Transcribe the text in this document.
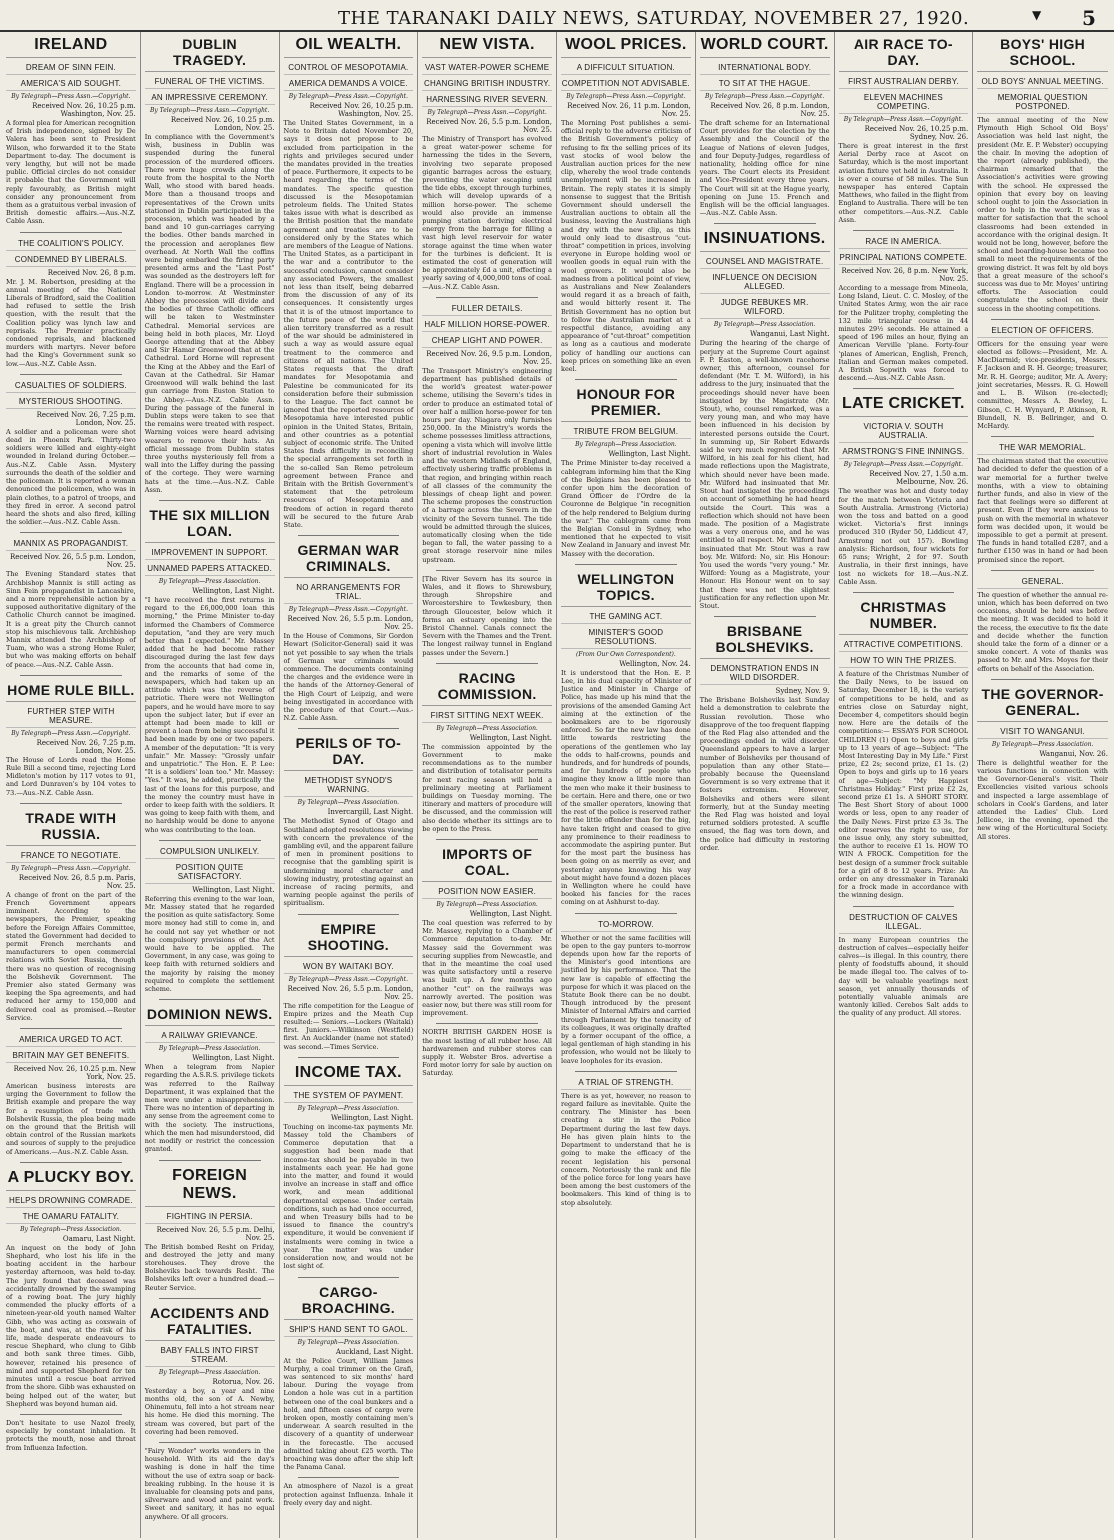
THE TARANAKI DAILY NEWS, SATURDAY, NOVEMBER 27, 1920.	▼ 5
IRELAND
DREAM OF SINN FEIN.
AMERICA'S AID SOUGHT.
By Telegraph—Press Assn.—Copyright.
Received Nov. 26, 10.25 p.m. Washington, Nov. 25.

A formal plea for American recognition of Irish independence, signed by De Valera has been sent to President Wilson, who forwarded it to the State Department to-day. The document is very lengthy, but will not be made public. Official circles do not consider it probable that the Government will reply favourably, as British might consider any pronouncement from them as a gratuitous verbal invasion of British domestic affairs.—Aus.-N.Z. Cable Assn.

THE COALITION'S POLICY.
CONDEMNED BY LIBERALS.
Received Nov. 26, 8 p.m.

Mr. J. M. Robertson, presiding at the annual meeting of the National Liberals of Bradford, said the Coalition had refused to settle the Irish question, with the result that the Coalition policy was lynch law and reprisals. The Premier practically condoned reprisals, and blackened murders with martyrs. Never before had the King's Government sunk so low.—Aus.-N.Z. Cable Assn.

CASUALTIES OF SOLDIERS.
MYSTERIOUS SHOOTING.
Received Nov. 26, 7.25 p.m. London, Nov. 25.

A soldier and a policeman were shot dead in Phoenix Park. Thirty-two soldiers were killed and eighty-eight wounded in Ireland during October.—Aus.-N.Z. Cable Assn. Mystery surrounds the death of the soldier and the policeman. It is reported a woman denounced the policemen, who was in plain clothes, to a patrol of troops, and they fired in error. A second patrol heard the shots and also fired, killing the soldier.—Aus.-N.Z. Cable Assn.

MANNIX AS PROPAGANDIST.
Received Nov. 26, 5.5 p.m. London, Nov. 25.

The Evening Standard states that Archbishop Mannix is still acting as Sinn Fein propagandist in Lancashire, and a more reprehensible action by a supposed authoritative dignitary of the Catholic Church cannot be imagined. It is a great pity the Church cannot stop his mischievous talk. Archbishop Mannix attended the Archbishop of Tuam, who was a strong Home Ruler, but who was making efforts on behalf of peace.—Aus.-N.Z. Cable Assn.

HOME RULE BILL.
FURTHER STEP WITH MEASURE.
By Telegraph—Press Assn.—Copyright.
Received Nov. 26, 7.25 p.m. London, Nov. 25.

The House of Lords read the Home Rule Bill a second time, rejecting Lord Midleton's motion by 117 votes to 91, and Lord Dunraven's by 104 votes to 73.—Aus.-N.Z. Cable Assn.

TRADE WITH RUSSIA.
FRANCE TO NEGOTIATE.
By Telegraph—Press Assn.—Copyright.
Received Nov. 26, 8.5 p.m. Paris, Nov. 25.

A change of front on the part of the French Government appears imminent. According to the newspapers, the Premier, speaking before the Foreign Affairs Committee, stated the Government had decided to permit French merchants and manufacturers to open commercial relations with Soviet Russia, though there was no question of recognising the Bolshevik Government. The Premier also stated Germany was keeping the Spa agreements, and had reduced her army to 150,000 and delivered coal as promised.—Reuter Service.

AMERICA URGED TO ACT.
BRITAIN MAY GET BENEFITS.
Received Nov. 26, 10.25 p.m. New York, Nov. 25.

American business interests are urging the Government to follow the British example and prepare the way for a resumption of trade with Bolshevik Russia, the plea being made on the ground that the British will obtain control of the Russian markets and sources of supply to the prejudice of Americans.—Aus.-N.Z. Cable Assn.

A PLUCKY BOY.
HELPS DROWNING COMRADE.
THE OAMARU FATALITY.
By Telegraph—Press Association.
Oamaru, Last Night.

An inquest on the body of John Shephard, who lost his life in the boating accident in the harbour yesterday afternoon, was held to-day. The jury found that deceased was accidentally drowned by the swamping of a rowing boat. The jury highly commended the plucky efforts of a nineteen-year-old youth named Walter Gibb, who was acting as coxswain of the boat, and was, at the risk of his life, made desperate endeavours to rescue Shephard, who clung to Gibb and both sank three times. Gibb, however, retained his presence of mind and supported Shepherd for ten minutes until a rescue boat arrived from the shore. Gibb was exhausted on being helped out of the water, but Shepherd was beyond human aid.

Don't hesitate to use Nazol freely, especially by constant inhalation. It protects the mouth, nose and throat from Influenza Infection.

DUBLIN TRAGEDY.
FUNERAL OF THE VICTIMS.
AN IMPRESSIVE CEREMONY.
By Telegraph—Press Assn.—Copyright.
Received Nov. 26, 10.25 p.m. London, Nov. 25.

In compliance with the Government's wish, business in Dublin was suspended during the funeral procession of the murdered officers. There were huge crowds along the route from the hospital to the North Wall, who stood with bared heads. More than a thousand troops and representatives of the Crown units stationed in Dublin participated in the procession, which was headed by a band and 10 gun-carriages carrying the bodies. Other bands marched in the procession and aeroplanes flew overhead. At North Wall the coffins were being embarked the firing party presented arms and the "Last Post" was sounded as the destroyers left for England. There will be a procession in London to-morrow. At Westminster Abbey the procession will divide and the bodies of three Catholic officers will be taken to Westminster Cathedral. Memorial services are being held in both places, Mr. Lloyd George attending that at the Abbey and Sir Hamar Greenwood that at the Cathedral. Lord Horne will represent the King at the Abbey and the Earl of Cavan at the Cathedral. Sir Hamar Greenwood will walk behind the last gun carriage from Euston Station to the Abbey.—Aus.-N.Z. Cable Assn. During the passage of the funeral in Dublin steps were taken to see that the remains were treated with respect. Warning voices were heard advising wearers to remove their hats. An official message from Dublin states three youths mysteriously fell from a wall into the Liffey during the passing of the cortege. They were warning hats at the time.—Aus.-N.Z. Cable Assn.

THE SIX MILLION LOAN.
IMPROVEMENT IN SUPPORT.
UNNAMED PAPERS ATTACKED.
By Telegraph—Press Association.
Wellington, Last Night.

"I have received the first returns in regard to the £6,000,000 loan this morning," the Prime Minister to-day informed the Chambers of Commerce deputation, "and they are very much better than I expected." Mr. Massey added that he had become rather discouraged during the last few days from the accounts that had come in, and the remarks of some of the newspapers, which had taken up an attitude which was the reverse of patriotic. There were not Wellington papers, and he would have more to say upon the subject later, but if ever an attempt had been made to kill or prevent a loan from being successful it had been made by one or two papers. A member of the deputation: "It is very unfair." Mr. Massey: "Grossly unfair and unpatriotic." The Hon. E. P. Lee: "It is a soldiers' loan too." Mr. Massey: "Yes." It was, he added, practically the last of the loans for this purpose, and the money the country must have in order to keep faith with the soldiers. It was going to keep faith with them, and no hardship would be done to anyone who was contributing to the loan.

COMPULSION UNLIKELY.
POSITION QUITE SATISFACTORY.
Wellington, Last Night.

Referring this evening to the war loan, Mr. Massey stated that he regarded the position as quite satisfactory. Some more money had still to come in, and he could not say yet whether or not the compulsory provisions of the Act would have to be applied. The Government, in any case, was going to keep faith with returned soldiers and the majority by raising the money required to complete the settlement scheme.

DOMINION NEWS.
A RAILWAY GRIEVANCE.
By Telegraph—Press Association.
Wellington, Last Night.

When a telegram from Napier regarding the A.S.R.S. privilege tickets was referred to the Railway Department, it was explained that the men were under a misapprehension. There was no intention of departing in any sense from the agreement come to with the society. The instructions, which the men had misunderstood, did not modify or restrict the concession granted.

FOREIGN NEWS.
FIGHTING IN PERSIA.
Received Nov. 26, 5.5 p.m. Delhi, Nov. 25.

The British bombed Resht on Friday, and destroyed the jetty and many storehouses. They drove the Bolsheviks back towards Resht. The Bolsheviks left over a hundred dead.—Reuter Service.

ACCIDENTS AND FATALITIES.
BABY FALLS INTO FIRST STREAM.
By Telegraph—Press Association.
Rotorua, Nov. 26.

Yesterday a boy, a year and nine months old, the son of A. Newby, Ohinemutu, fell into a hot stream near his home. He died this morning. The stream was covered, but part of the covering had been removed.

"Fairy Wonder" works wonders in the household. With its aid the day's washing is done in half the time without the use of extra soap or back-breaking rubbing. In the house it is invaluable for cleansing pots and pans, silverware and wood and paint work. Sweet and sanitary, it has no equal anywhere. Of all grocers.

OIL WEALTH.
CONTROL OF MESOPOTAMIA.
AMERICA DEMANDS A VOICE.
By Telegraph—Press Assn.—Copyright.
Received Nov. 26, 10.25 p.m. Washington, Nov. 25.

The United States Government, in a Note to Britain dated November 20, says it does not propose to be excluded from participation in the rights and privileges secured under the mandates provided in the treaties of peace. Furthermore, it expects to be heard regarding the terms of the mandates. The specific question discussed is the Mesopotamian petroleum fields. The United States takes issue with what is described as the British position that the mandate agreement and treaties are to be considered only by the States which are members of the League of Nations. The United States, as a participant in the war and a contributor to the successful conclusion, cannot consider any associated Powers, the smallest not less than itself, being debarred from the discussion of any of its consequences. It consistently urges that it is of the utmost importance to the future peace of the world that alien territory transferred as a result of the war should be administered in such a way as would assure equal treatment to the commerce and citizens of all nations. The United States requests that the draft mandates for Mesopotamia and Palestine be communicated for its consideration before their submission to the League. The fact cannot be ignored that the reported resources of Mesopotamia have interested public opinion in the United States, Britain, and other countries as a potential subject of economic strife. The United States finds difficulty in reconciling the special arrangements set forth in the so-called San Remo petroleum agreement between France and Britain with the British Government's statement that the petroleum resources of Mesopotamia and freedom of action in regard thereto will be secured to the future Arab State.

GERMAN WAR CRIMINALS.
NO ARRANGEMENTS FOR TRIAL.
By Telegraph—Press Assn.—Copyright.
Received Nov. 26, 5.5 p.m. London, Nov. 25.

In the House of Commons, Sir Gordon Hewart (Solicitor-General) said it was not yet possible to say when the trials of German war criminals would commence. The documents containing the charges and the evidence were in the hands of the Attorney-General of the High Court of Leipzig, and were being investigated in accordance with the procedure of that Court.—Aus.-N.Z. Cable Assn.

PERILS OF TO-DAY.
METHODIST SYNOD'S WARNING.
By Telegraph—Press Association.
Invercargill, Last Night.

The Methodist Synod of Otago and Southland adopted resolutions viewing with concern the prevalence of the gambling evil, and the apparent failure of men in prominent positions to recognise that the gambling spirit is undermining moral character and slowing industry, protesting against an increase of racing permits, and warning people against the perils of spiritualism.

EMPIRE SHOOTING.
WON BY WAITAKI BOY.
By Telegraph—Press Assn.—Copyright.
Received Nov. 26, 5.5 p.m. London, Nov. 25.

The rifle competition for the League of Empire prizes and the Meath Cup resulted:— Seniors.—Lockers (Waitaki) first. Juniors.—Wilkinson (Westfield) first. An Aucklander (name not stated) was second.—Times Service.

INCOME TAX.
THE SYSTEM OF PAYMENT.
By Telegraph—Press Association.
Wellington, Last Night.

Touching on income-tax payments Mr. Massey told the Chambers of Commerce deputation that a suggestion had been made that income-tax should be payable in two instalments each year. He had gone into the matter, and found it would involve an increase in staff and office work, and mean additional departmental expense. Under certain conditions, such as had once occurred, and when Treasury bills had to be issued to finance the country's expenditure, it would be convenient if instalments were coming in twice a year. The matter was under consideration now, and would not be lost sight of.

CARGO-BROACHING.
SHIP'S HAND SENT TO GAOL.
By Telegraph—Press Association.
Auckland, Last Night.

At the Police Court, William James Murphy, a coal trimmer on the Grafi, was sentenced to six months' hard labour. During the voyage from London a hole was cut in a partition between one of the coal bunkers and a hold, and fifteen cases of cargo were broken open, mostly containing men's underwear. A search resulted in the discovery of a quantity of underwear in the forecastle. The accused admitted taking about £25 worth. The broaching was done after the ship left the Panama Canal.

An atmosphere of Nazol is a great protection against Influenza. Inhale it freely every day and night.

NEW VISTA.
VAST WATER-POWER SCHEME
CHANGING BRITISH INDUSTRY.
HARNESSING RIVER SEVERN.
By Telegraph—Press Assn.—Copyright.
Received Nov. 26, 5.5 p.m. London, Nov. 25.

The Ministry of Transport has evolved a great water-power scheme for harnessing the tides in the Severn, involving two separate proposed gigantic barrages across the estuary, preventing the water escaping until the tide ebbs, except through turbines, which will develop upwards of a million horse-power. The scheme would also provide an immense pumping station deriving electrical energy from the barrage for filling a vast high level reservoir for water storage against the time when water for the turbines is deficient. It is estimated the cost of generation will be approximately £d a unit, effecting a yearly saving of 4,000,000 tons of coal.—Aus.-N.Z. Cable Assn.

FULLER DETAILS.
HALF MILLION HORSE-POWER.
CHEAP LIGHT AND POWER.
Received Nov. 26, 9.5 p.m. London, Nov. 25.

The Transport Ministry's engineering department has published details of the world's greatest water-power scheme, utilising the Severn's tides in order to produce an estimated total of over half a million horse-power for ten hours per day. Niagara only furnishes 250,000. In the Ministry's words the scheme possesses limitless attractions, opening a vista which will involve little short of industrial revolution in Wales and the western Midlands of England, effectively ushering traffic problems in that region, and bringing within reach of all classes of the community the blessings of cheap light and power. The scheme proposes the construction of a barrage across the Severn in the vicinity of the Severn tunnel. The tide would be admitted through the sluices, automatically closing when the tide began to fall, the water passing to a great storage reservoir nine miles upstream.

[The River Severn has its source in Wales, and it flows to Shrewsbury, through Shropshire and Worcestershire to Tewkesbury, then through Gloucester, below which it forms an estuary opening into the Bristol Channel. Canals connect the Severn with the Thames and the Trent. The longest railway tunnel in England passes under the Severn.]

RACING COMMISSION.
FIRST SITTING NEXT WEEK.
By Telegraph—Press Association.
Wellington, Last Night.

The commission appointed by the Government to make recommendations as to the number and distribution of totalisator permits for next racing season will hold a preliminary meeting at Parliament buildings on Tuesday morning. The itinerary and matters of procedure will be discussed, and the commission will also decide whether its sittings are to be open to the Press.

IMPORTS OF COAL.
POSITION NOW EASIER.
By Telegraph—Press Association.
Wellington, Last Night.

The coal question was referred to by Mr. Massey, replying to a Chamber of Commerce deputation to-day. Mr. Massey said the Government was securing supplies from Newcastle, and that in the meantime the coal used was quite satisfactory until a reserve was built up. A few months ago another "cut" on the railways was narrowly averted. The position was easier now, but there was still room for improvement.

NORTH BRITISH GARDEN HOSE is the most lasting of all rubber hose. All hardwaremen and rubber stores can supply it. Webster Bros. advertise a Ford motor lorry for sale by auction on Saturday.

WOOL PRICES.
A DIFFICULT SITUATION.
COMPETITION NOT ADVISABLE.
By Telegraph—Press Assn.—Copyright.
Received Nov. 26, 11 p.m. London, Nov. 25.

The Morning Post publishes a semi-official reply to the adverse criticism of the British Government's policy of refusing to fix the selling prices of its vast stocks of wool below the Australian auction prices for the new clip, whereby the wool trade contends unemployment will be increased in Britain. The reply states it is simply nonsense to suggest that the British Government should undersell the Australian auctions to obtain all the business, leaving the Australians high and dry with the new clip, as this would only lead to disastrous "cut-throat" competition in prices, involving everyone in Europe holding wool or woollen goods in equal ruin with the wool growers. It would also be madness from a political point of view, as Australians and New Zealanders would regard it as a breach of faith, and would bitterly resent it. The British Government has no option but to follow the Australian market at a respectful distance, avoiding any appearance of "cut-throat" competition as long as a cautious and moderate policy of handling our auctions can keep prices on something like an even keel.

HONOUR FOR PREMIER.
TRIBUTE FROM BELGIUM.
By Telegraph—Press Association.
Wellington, Last Night.

The Prime Minister to-day received a cablegram informing him that the King of the Belgians has been pleased to confer upon him the decoration of Grand Officer de l'Ordre de la Couronne de Belgique "in recognition of the help rendered to Belgium during the war." The cablegram came from the Belgian Consul in Sydney, who mentioned that he expected to visit New Zealand in January and invest Mr. Massey with the decoration.

WELLINGTON TOPICS.
THE GAMING ACT.
MINISTER'S GOOD RESOLUTIONS.
(From Our Own Correspondent).
Wellington, Nov. 24.

It is understood that the Hon. E. P. Lee, in his dual capacity of Minister of Justice and Minister in Charge of Police, has made up his mind that the provisions of the amended Gaming Act aiming at the extinction of the bookmakers are to be rigorously enforced. So far the new law has done little towards restricting the operations of the gentlemen who lay the odds to half-crowns, pounds and hundreds, and for hundreds of pounds, and for hundreds of people who imagine they know a little more than the men who make it their business to be certain. Here and there, one or two of the smaller operators, knowing that the rest of the police is reserved rather for the little offender than for the big, have taken fright and ceased to give any prominence to their readiness to accommodate the aspiring punter. But for the most part the business has been going on as merrily as ever, and yesterday anyone knowing his way about might have found a dozen places in Wellington where he could have booked his fancies for the races coming on at Ashhurst to-day.

TO-MORROW.

Whether or not the same facilities will be open to the gay punters to-morrow depends upon how far the reports of the Minister's good intentions are justified by his performance. That the new law is capable of effecting the purpose for which it was placed on the Statute Book there can be no doubt. Though introduced by the present Minister of Internal Affairs and carried through Parliament by the tenacity of its colleagues, it was originally drafted by a former occupant of the office, a legal gentleman of high standing in his profession, who would not be likely to leave loopholes for its evasion.

A TRIAL OF STRENGTH.

There is as yet, however, no reason to regard failure as inevitable. Quite the contrary. The Minister has been creating a stir in the Police Department during the last few days. He has given plain hints to the Department to understand that he is going to make the efficacy of the recent legislation his personal concern. Notoriously the rank and file of the police force for long years have been among the best customers of the bookmakers. This kind of thing is to stop absolutely.

WORLD COURT.
INTERNATIONAL BODY.
TO SIT AT THE HAGUE.
By Telegraph—Press Assn.—Copyright.
Received Nov. 26, 8 p.m. London, Nov. 25.

The draft scheme for an International Court provides for the election by the Assembly and the Council of the League of Nations of eleven Judges, and four Deputy-Judges, regardless of nationality, holding office for nine years. The Court elects its President and Vice-President every three years. The Court will sit at the Hague yearly, opening on June 15. French and English will be the official languages.—Aus.-N.Z. Cable Assn.

INSINUATIONS.
COUNSEL AND MAGISTRATE.
INFLUENCE ON DECISION ALLEGED.
JUDGE REBUKES MR. WILFORD.
By Telegraph—Press Association.
Wanganui, Last Night.

During the hearing of the charge of perjury at the Supreme Court against F. P. Easton, a well-known racehorse owner, this afternoon, counsel for defendant (Mr. T. M. Wilford), in his address to the jury, insinuated that the proceedings should never have been instigated by the Magistrate (Mr. Stout), who, counsel remarked, was a very young man, and who may have been influenced in his decision by interested persons outside the Court. In summing up, Sir Robert Edwards said he very much regretted that Mr. Wilford, in his zeal for his client, had made reflections upon the Magistrate, which should never have been made. Mr. Wilford had insinuated that Mr. Stout had instigated the proceedings on account of something he had heard outside the Court. This was a reflection which should not have been made. The position of a Magistrate was a very onerous one, and he was entitled to all respect. Mr. Wilford had insinuated that Mr. Stout was a raw boy. Mr. Wilford: No, sir. His Honour: You used the words "very young." Mr. Wilford: Young as a Magistrate, your Honour. His Honour went on to say that there was not the slightest justification for any reflection upon Mr. Stout.

BRISBANE BOLSHEVIKS.
DEMONSTRATION ENDS IN WILD DISORDER.
Sydney, Nov. 9.

The Brisbane Bolsheviks last Sunday held a demonstration to celebrate the Russian revolution. Those who disapprove of the too frequent flapping of the Red Flag also attended and the proceedings ended in wild disorder. Queensland appears to have a larger number of Bolsheviks per thousand of population than any other State—probably because the Queensland Government is so very extreme that it fosters extremism. However, Bolsheviks and others were silent formerly, but at the Sunday meeting the Red Flag was hoisted and loyal returned soldiers protested. A scuffle ensued, the flag was torn down, and the police had difficulty in restoring order.

AIR RACE TO-DAY.
FIRST AUSTRALIAN DERBY.
ELEVEN MACHINES COMPETING.
By Telegraph—Press Assn.—Copyright.
Received Nov. 26, 10.25 p.m. Sydney, Nov. 26.

There is great interest in the first Aerial Derby race at Ascot on Saturday, which is the most important aviation fixture yet held in Australia. It is over a course of 58 miles. The Sun newspaper has entered Captain Matthews, who failed in the flight from England to Australia. There will be ten other competitors.—Aus.-N.Z. Cable Assn.

RACE IN AMERICA.
PRINCIPAL NATIONS COMPETE.
Received Nov. 26, 8 p.m. New York, Nov. 25.

According to a message from Mineola, Long Island, Lieut. C. C. Mosley, of the United States Army, won the air race for the Pulitzer trophy, completing the 132 mile triangular course in 44 minutes 29½ seconds. He attained a speed of 196 miles an hour, flying an American Verville 'plane. Forty-four 'planes of American, English, French, Italian and German makes competed. A British Sopwith was forced to descend.—Aus.-N.Z. Cable Assn.

LATE CRICKET.
VICTORIA V. SOUTH AUSTRALIA.
ARMSTRONG'S FINE INNINGS.
By Telegraph—Press Assn.—Copyright.
Received Nov. 27, 1.50 a.m. Melbourne, Nov. 26.

The weather was hot and dusty today for the match between Victoria and South Australia. Armstrong (Victoria) won the toss and batted on a good wicket. Victoria's first innings produced 310 (Ryder 50, Liddicut 47, Armstrong not out 157). Bowling analysis: Richardson, four wickets for 65 runs; Wright, 2 for 97. South Australia, in their first innings, have lost no wickets for 18.—Aus.-N.Z. Cable Assn.

CHRISTMAS NUMBER.
ATTRACTIVE COMPETITIONS.
HOW TO WIN THE PRIZES.

A feature of the Christmas Number of the Daily News, to be issued on Saturday, December 18, is the variety of competitions to be held, and as entries close on Saturday night, December 4, competitors should begin now. Here are the details of the competitions:— ESSAYS FOR SCHOOL CHILDREN (1) Open to boys and girls up to 13 years of age—Subject: "The Most Interesting Day in My Life." First prize, £2 2s; second prize, £1 1s. (2) Open to boys and girls up to 16 years of age—Subject: "My Happiest Christmas Holiday." First prize £2 2s, second prize £1 1s. A SHORT STORY. The Best Short Story of about 1000 words or less, open to any reader of the Daily News. First prize £3 3s. The editor reserves the right to use, for one issue only, any story submitted, the author to receive £1 1s. HOW TO WIN A FROCK. Competition for the best design of a summer frock suitable for a girl of 8 to 12 years. Prize: An order on any dressmaker in Taranaki for a frock made in accordance with the winning design.

DESTRUCTION OF CALVES ILLEGAL.

In many European countries the destruction of calves—especially heifer calves—is illegal. In this country, there plenty of foodstuffs abound, it should be made illegal too. The calves of to-day will be valuable yearlings next season, yet annually thousands of potentially valuable animals are wantonly killed. Cerebos Salt adds to the quality of any product. All stores.

BOYS' HIGH SCHOOL.
OLD BOYS' ANNUAL MEETING.
MEMORIAL QUESTION POSTPONED.

The annual meeting of the New Plymouth High School Old Boys' Association was held last night, the president (Mr. E. P. Webster) occupying the chair. In moving the adoption of the report (already published), the chairman remarked that the Association's activities were growing with the school. He expressed the opinion that every boy on leaving school ought to join the Association in order to help in the work. It was a matter for satisfaction that the school classrooms had been extended in accordance with the original design. It would not be long, however, before the school and boarding-house became too small to meet the requirements of the growing district. It was felt by old boys that a great measure of the school's success was due to Mr. Moyes' untiring efforts. The Association could congratulate the school on their success in the shooting competitions.

ELECTION OF OFFICERS.

Officers for the ensuing year were elected as follows:—President, Mr. A. MacDiarmid; vice-presidents, Messrs. F. Jackson and R. H. George; treasurer, Mr. R. H. George; auditor, Mr. A. Avery; joint secretaries, Messrs. R. G. Howell and L. B. Wilson (re-elected); committee, Messrs A. Bewley, L. Gibson, C. H. Wynyard, P. Atkinson, R. Blundell, N. B. Bellringer, and O. McHardy.

THE WAR MEMORIAL.

The chairman stated that the executive had decided to defer the question of a war memorial for a further twelve months, with a view to obtaining further funds, and also in view of the fact that feelings were so different at present. Even if they were anxious to push on with the memorial in whatever form was decided upon, it would be impossible to get a permit at present. The funds in hand totalled £287, and a further £150 was in hand or had been promised since the report.

GENERAL.

The question of whether the annual re-union, which has been deferred on two occasions, should be held was before the meeting. It was decided to hold it the recess, the executive to fix the date and decide whether the function should take the form of a dinner or a smoke concert. A vote of thanks was passed to Mr. and Mrs. Moyes for their efforts on behalf of the Association.

THE GOVERNOR-GENERAL.
VISIT TO WANGANUI.
By Telegraph—Press Association.
Wanganui, Nov. 26.

There is delightful weather for the various functions in connection with the Governor-General's visit. Their Excellencies visited various schools and inspected a large assemblage of scholars in Cook's Gardens, and later attended the Ladies' Club. Lord Jellicoe, in the evening, opened the new wing of the Horticultural Society. All stores.
